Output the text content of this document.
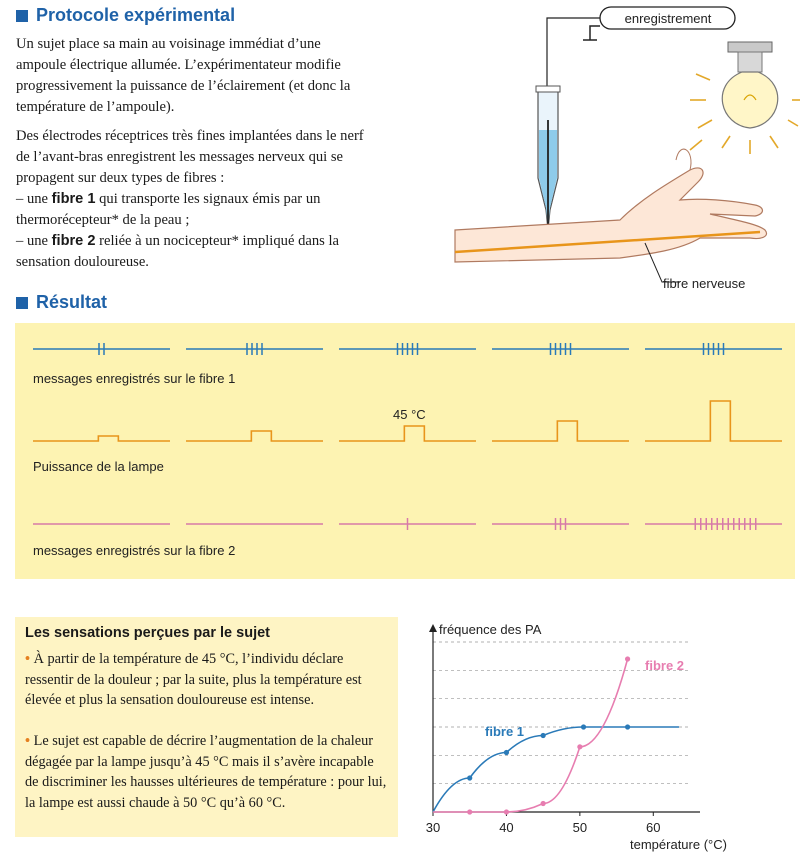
Protocole expérimental

Un sujet place sa main au voisinage immédiat d’une ampoule électrique allumée. L’expérimentateur modifie progressivement la puissance de l’éclairement (et donc la température de l’ampoule).

Des électrodes réceptrices très fines implantées dans le nerf de l’avant-bras enregistrent les messages nerveux qui se propagent sur deux types de fibres :
– une fibre 1 qui transporte les signaux émis par un thermorécepteur* de la peau ;
– une fibre 2 reliée à un nocicepteur* impliqué dans la sensation douloureuse.

enregistrement
fibre nerveuse
Résultat
messages enregistrés sur le fibre 1
45 °C
Puissance de la lampe
messages enregistrés sur la fibre 2
Les sensations perçues par le sujet
• À partir de la température de 45 °C, l’individu déclare ressentir de la douleur ; par la suite, plus la température est élevée et plus la sensation douloureuse est intense.
• Le sujet est capable de décrire l’augmentation de la chaleur dégagée par la lampe jusqu’à 45 °C mais il s’avère incapable de discriminer les hausses ultérieures de température : pour lui, la lampe est aussi chaude à 50 °C qu’à 60 °C.
fréquence des PA
température (°C)
30	40	50	60
fibre 1
fibre 2
